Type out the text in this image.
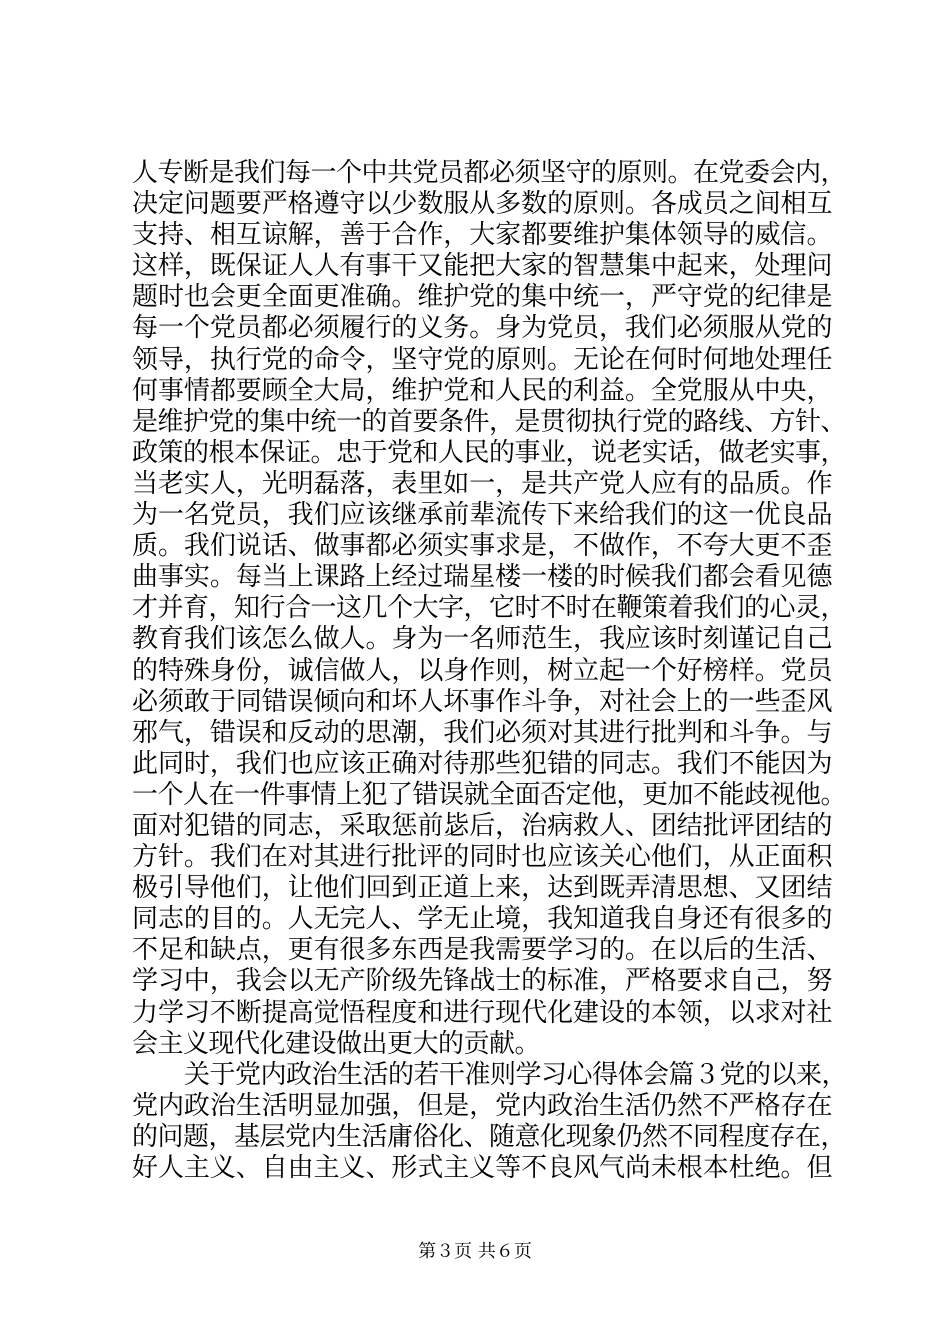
人专断是我们每一个中共党员都必须坚守的原则。在党委会内，
决定问题要严格遵守以少数服从多数的原则。各成员之间相互
支持、相互谅解，善于合作，大家都要维护集体领导的威信。
这样，既保证人人有事干又能把大家的智慧集中起来，处理问
题时也会更全面更准确。维护党的集中统一，严守党的纪律是
每一个党员都必须履行的义务。身为党员，我们必须服从党的
领导，执行党的命令，坚守党的原则。无论在何时何地处理任
何事情都要顾全大局，维护党和人民的利益。全党服从中央，
是维护党的集中统一的首要条件，是贯彻执行党的路线、方针、
政策的根本保证。忠于党和人民的事业，说老实话，做老实事，
当老实人，光明磊落，表里如一，是共产党人应有的品质。作
为一名党员，我们应该继承前辈流传下来给我们的这一优良品
质。我们说话、做事都必须实事求是，不做作，不夸大更不歪
曲事实。每当上课路上经过瑞星楼一楼的时候我们都会看见德
才并育，知行合一这几个大字，它时不时在鞭策着我们的心灵，
教育我们该怎么做人。身为一名师范生，我应该时刻谨记自己
的特殊身份，诚信做人，以身作则，树立起一个好榜样。党员
必须敢于同错误倾向和坏人坏事作斗争，对社会上的一些歪风
邪气，错误和反动的思潮，我们必须对其进行批判和斗争。与
此同时，我们也应该正确对待那些犯错的同志。我们不能因为
一个人在一件事情上犯了错误就全面否定他，更加不能歧视他。
面对犯错的同志，采取惩前毖后，治病救人、团结批评团结的
方针。我们在对其进行批评的同时也应该关心他们，从正面积
极引导他们，让他们回到正道上来，达到既弄清思想、又团结
同志的目的。人无完人、学无止境，我知道我自身还有很多的
不足和缺点，更有很多东西是我需要学习的。在以后的生活、
学习中，我会以无产阶级先锋战士的标准，严格要求自己，努
力学习不断提高觉悟程度和进行现代化建设的本领，以求对社
会主义现代化建设做出更大的贡献。
关于党内政治生活的若干准则学习心得体会篇３党的以来，
党内政治生活明显加强，但是，党内政治生活仍然不严格存在
的问题，基层党内生活庸俗化、随意化现象仍然不同程度存在，
好人主义、自由主义、形式主义等不良风气尚未根本杜绝。但
第３页 共６页
